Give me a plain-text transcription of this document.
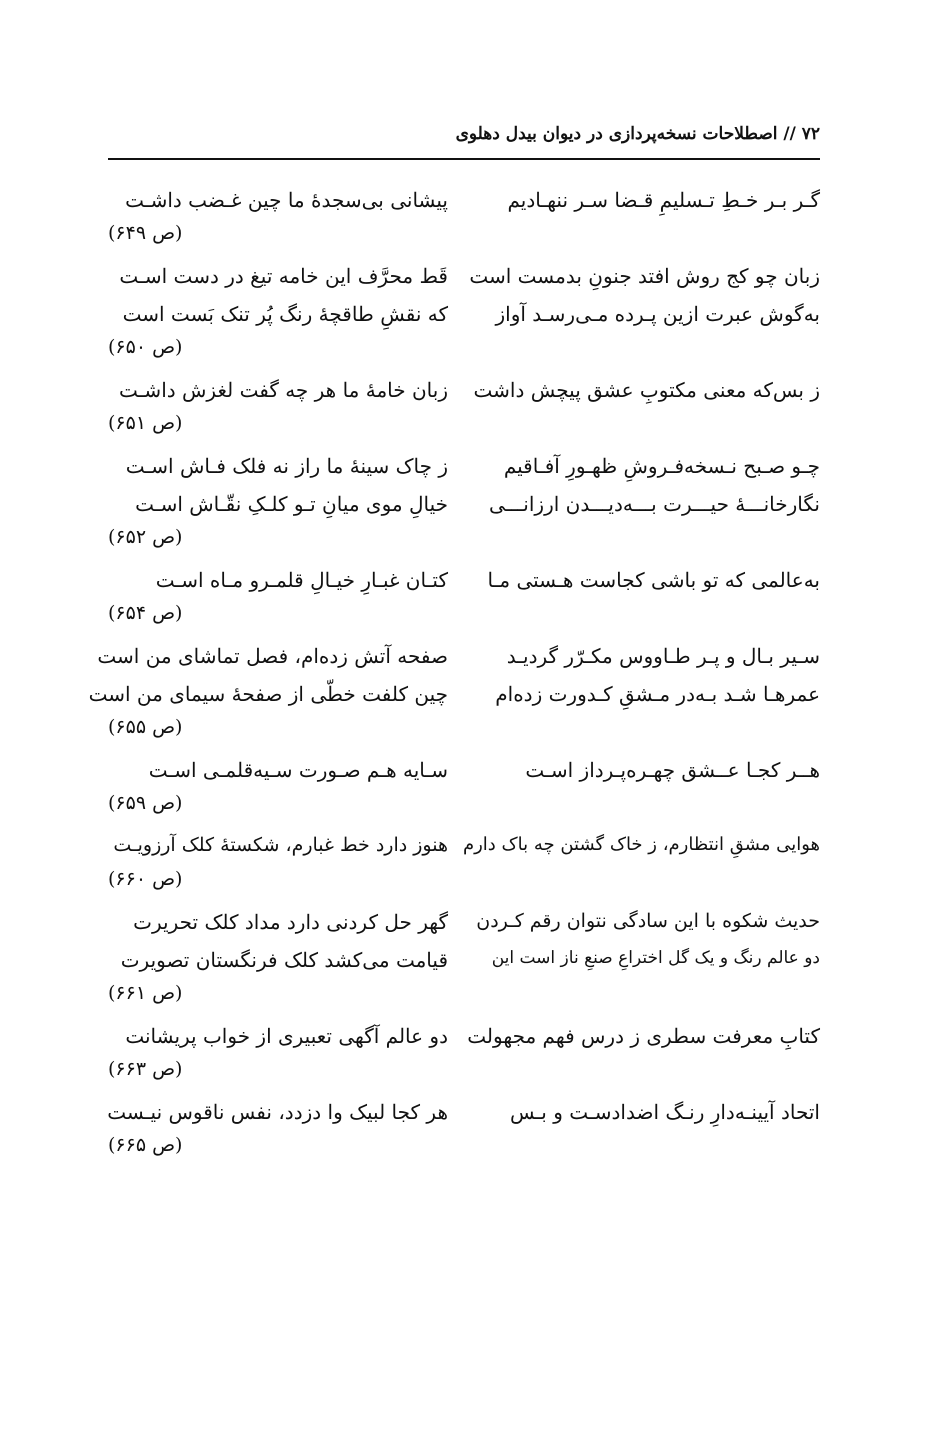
۷۲ // اصطلاحات نسخه‌پردازی در دیوان بیدل دهلوی
گـر بـر خـطِ تـسلیمِ قـضا سـر ننهـادیم
پیشانی بی‌سجدهٔ ما چین غـضب داشـت
(ص ۶۴۹)
زبان چو کج روش افتد جنونِ بدمست است
قَط محرَّف این خامه تیغ در دست اسـت
به‌گوش عبرت ازین پـرده مـی‌رسـد آواز
که نقشِ طاقچهٔ رنگ پُر تنک بَست است
(ص ۶۵۰)
ز بس‌که معنی مکتوبِ عشق پیچش داشت
زبان خامهٔ ما هر چه گفت لغزش داشـت
(ص ۶۵۱)
چـو صـبح نـسخه‌فـروشِ ظهـورِ آفـاقیم
ز چاک سینهٔ ما راز نه فلک فـاش اسـت
نگارخانـــهٔ حیـــرت بـــه‌دیـــدن ارزانـــی
خیالِ موی میانِ تـو کلـکِ نقّـاش اسـت
(ص ۶۵۲)
به‌عالمی که تو باشی کجاست هـستی مـا
کتـان غبـارِ خیـالِ قلمـرو مـاه اسـت
(ص ۶۵۴)
سـیر بـال و پـر طـاووس مکـرّر گردیـد
صفحه آتش زده‌ام، فصل تماشای من است
عمرهـا شـد بـه‌در مـشقِ کـدورت زده‌ام
چین کلفت خطّی از صفحهٔ سیمای من است
(ص ۶۵۵)
هــر کجـا عــشق چهـره‌پـرداز اسـت
سـایه هـم صـورت سـیه‌قلمـی اسـت
(ص ۶۵۹)
هوایی مشقِ انتظارم، ز خاک گشتن چه باک دارم
هنوز دارد خط غبارم، شکستهٔ کلک آرزویـت
(ص ۶۶۰)
حدیث شکوه با این سادگی نتوان رقم کـردن
گهر حل کردنی دارد مداد کلک تحریرت
دو عالم رنگ و یک گل اختراعِ صنعِ ناز است این
قیامت می‌کشد کلک فرنگستان تصویرت
(ص ۶۶۱)
کتابِ معرفت سطری ز درس فهم مجهولت
دو عالم آگهی تعبیری از خواب پریشانت
(ص ۶۶۳)
اتحاد آیینـه‌دارِ رنـگ اضدادسـت و بـس
هر کجا لبیک وا دزدد، نفس ناقوس نیـست
(ص ۶۶۵)
